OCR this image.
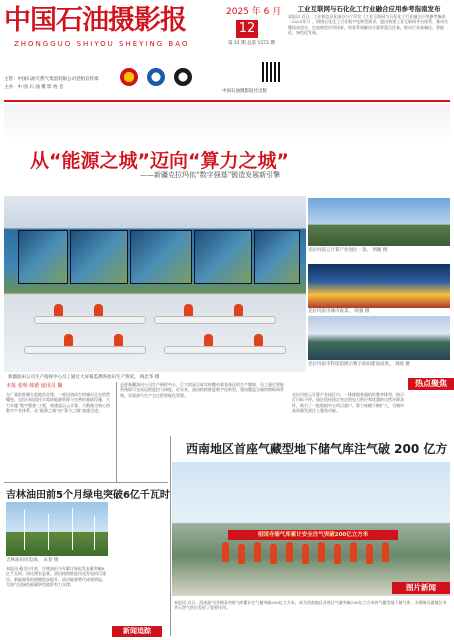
中国石油摄影报
ZHONGGUO SHIYOU SHEYING BAO
主管：中国石油天然气集团有限公司党组宣传部
主办：中 国 石 油 摄 影 协 会

2025 年 6 月
12
第 31 期 总第 1572 期
中国石油摄影报社出版
工业互联网与石化化工行业融合应用参考指南发布
本报讯 近日，工业和信息化部办公厅印发《工业互联网与石化化工行业融合应用参考指南（2025年）》，围绕石化化工行业数字化转型需求，提出构建工业互联网平台体系、推动关键技术攻关、打造典型应用场景、培育系统解决方案等重点任务，推动行业高端化、智能化、绿色化发展。
从“能源之城”迈向“算力之城”
——新疆克拉玛依“数字强基”锻造发展新引擎
新疆油田公司生产指挥中心员工通过大屏幕监测各油田生产情况。 梅忠华 摄
克拉玛依云计算产业园区一景。 周颖 摄
克拉玛依市城市夜景。 韩强 摄
克拉玛依市科技馆展示数字油田建设成果。 刘晓 摄
热点聚焦
本报 张明 韩德 通讯员 魏
在广袤的准噶尔盆地西北缘，一座因油而生的城市正在悄然蝶变。克拉玛依依托丰富的能源资源与完善的基础设施，大力实施“数字强基”工程，构建起以云计算、大数据为核心的数字产业体系，从“能源之城”向“算力之城”加速迈进。
走进新疆油田公司生产指挥中心，巨大的显示屏实时跳动着各油区的生产数据，员工通过智能系统即可完成远程监控与调度。近年来，油田持续推进数字化转型，建成覆盖全域的物联网系统，实现油气生产全过程智能化管理。	克拉玛依云计算产业园区内，一排排服务器机柜整齐排列，指示灯闪烁不停。园区依托稳定充足的电力供应和优越的自然冷源条件，吸引了一批数据中心项目落户，算力规模不断扩大，为城市高质量发展注入强劲动能。
吉林油田前5个月绿电突破6亿千瓦时
吉林油田风电场。 宋春 摄
本报讯 截至5月底，吉林油田今年累计绿电发电量突破6亿千瓦时，同比增长显著。油田持续推进风光发电项目建设，新能源装机规模稳步提升，清洁能源替代成效明显，为油气田绿色低碳转型提供有力支撑。
新闻追踪
西南地区首座气藏型地下储气库注气破 200 亿方
相国寺储气库累计安全注气突破200亿立方米
图片新闻
本报讯 近日，西南油气田相国寺储气库累计注气量突破200亿立方米，成为西南地区首座注气量突破200亿立方米的气藏型地下储气库，为保障川渝地区冬季天然气供应发挥了重要作用。
